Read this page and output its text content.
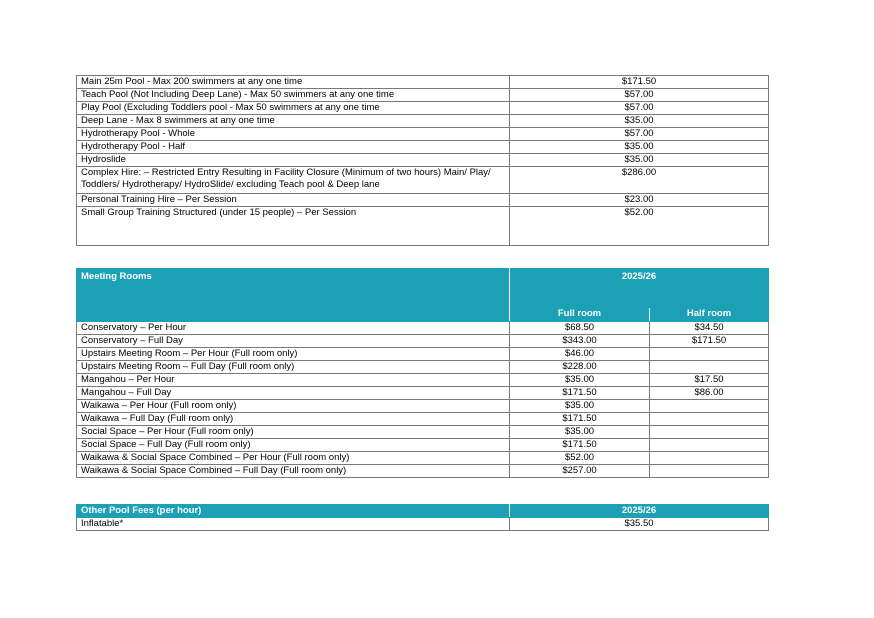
Main 25m Pool - Max 200 swimmers at any one time	$171.50
Teach Pool (Not Including Deep Lane) - Max 50 swimmers at any one time	$57.00
Play Pool (Excluding Toddlers pool - Max 50 swimmers at any one time	$57.00
Deep Lane - Max 8 swimmers at any one time	$35.00
Hydrotherapy Pool - Whole	$57.00
Hydrotherapy Pool - Half	$35.00
Hydroslide	$35.00

Complex Hire: – Restricted Entry Resulting in Facility Closure (Minimum of two hours) Main/ Play/
Toddlers/ Hydrotherapy/ HydroSlide/ excluding Teach pool & Deep lane	$286.00
Personal Training Hire – Per Session	$23.00
Small Group Training Structured (under 15 people) – Per Session	$52.00
Meeting Rooms	2025/26	
	Full room	Half room
Conservatory – Per Hour	$68.50	$34.50
Conservatory – Full Day	$343.00	$171.50
Upstairs Meeting Room – Per Hour (Full room only)	$46.00	
Upstairs Meeting Room – Full Day (Full room only)	$228.00	
Mangahou – Per Hour	$35.00	$17.50
Mangahou – Full Day	$171.50	$86.00
Waikawa – Per Hour (Full room only)	$35.00	
Waikawa – Full Day (Full room only)	$171.50	
Social Space – Per Hour (Full room only)	$35.00	
Social Space – Full Day (Full room only)	$171.50	
Waikawa & Social Space Combined – Per Hour (Full room only)	$52.00	
Waikawa & Social Space Combined – Full Day (Full room only)	$257.00	
Other Pool Fees (per hour)	2025/26
Inflatable*	$35.50
